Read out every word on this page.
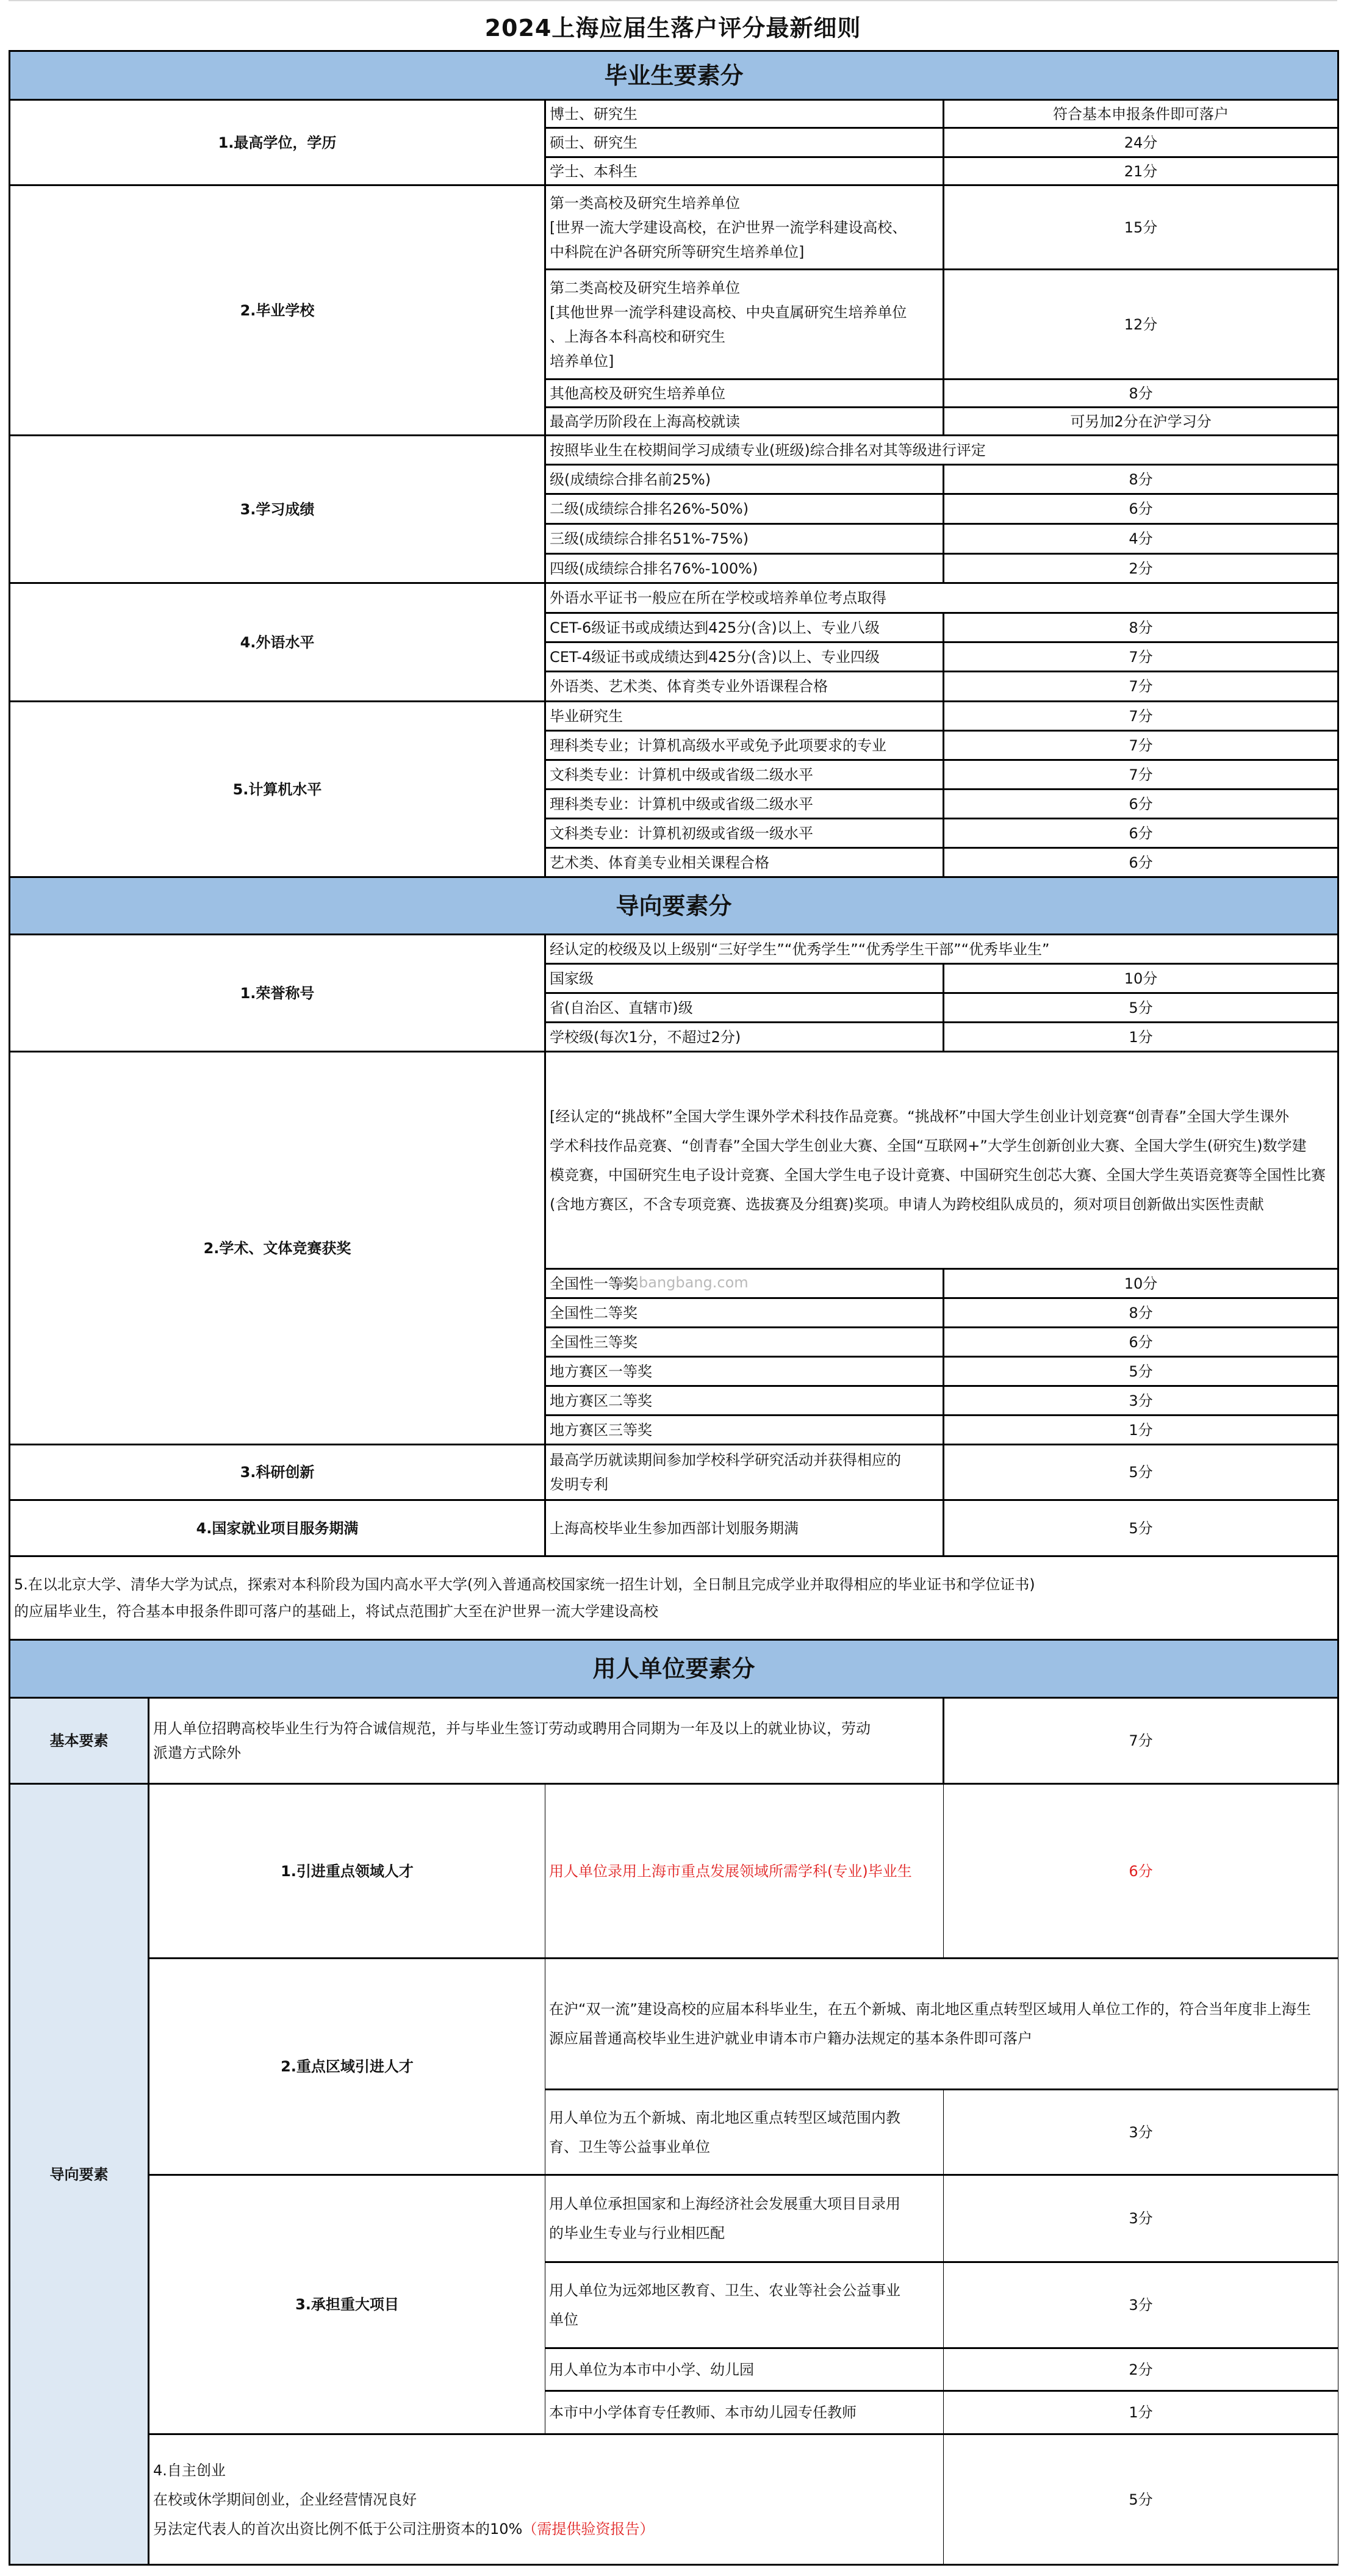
2024上海应届生落户评分最新细则
毕业生要素分			
1.最高学位，学历		博士、研究生	符合基本申报条件即可落户
		硕士、研究生	24分
		学士、本科生	21分
2.毕业学校		第一类高校及研究生培养单位
[世界一流大学建设高校，在沪世界一流学科建设高校、
中科院在沪各研究所等研究生培养单位]	15分
		第二类高校及研究生培养单位
[其他世界一流学科建设高校、中央直属研究生培养单位
、上海各本科高校和研究生
培养单位]	12分
		其他高校及研究生培养单位	8分
		最高学历阶段在上海高校就读	可另加2分在沪学习分
3.学习成绩		按照毕业生在校期间学习成绩专业(班级)综合排名对其等级进行评定	
		级(成绩综合排名前25%)	8分
		二级(成绩综合排名26%-50%)	6分
		三级(成绩综合排名51%-75%)	4分
		四级(成绩综合排名76%-100%)	2分
4.外语水平		外语水平证书一般应在所在学校或培养单位考点取得	
		CET-6级证书或成绩达到425分(含)以上、专业八级	8分
		CET-4级证书或成绩达到425分(含)以上、专业四级	7分
		外语类、艺术类、体育类专业外语课程合格	7分
5.计算机水平		毕业研究生	7分
		理科类专业；计算机高级水平或免予此项要求的专业	7分
		文科类专业：计算机中级或省级二级水平	7分
		理科类专业：计算机中级或省级二级水平	6分
		文科类专业：计算机初级或省级一级水平	6分
		艺术类、体育美专业相关课程合格	6分
导向要素分			
1.荣誉称号		经认定的校级及以上级别“三好学生”“优秀学生”“优秀学生干部”“优秀毕业生”	
		国家级	10分
		省(自治区、直辖市)级	5分
		学校级(每次1分，不超过2分)	1分
2.学术、文体竞赛获奖		[经认定的“挑战杯”全国大学生课外学术科技作品竞赛。“挑战杯”中国大学生创业计划竞赛“创青春”全国大学生课外
学术科技作品竞赛、“创青春”全国大学生创业大赛、全国“互联网+”大学生创新创业大赛、全国大学生(研究生)数学建
模竞赛，中国研究生电子设计竞赛、全国大学生电子设计竟赛、中国研究生创芯大赛、全国大学生英语竞赛等全国性比赛
(含地方赛区，不含专项竞赛、选拔赛及分组赛)奖项。申请人为跨校组队成员的，须对项目创新做出实医性责献	
		全国性一等奖	10分
		全国性二等奖	8分
		全国性三等奖	6分
		地方赛区一等奖	5分
		地方赛区二等奖	3分
		地方赛区三等奖	1分
3.科研创新		最高学历就读期间参加学校科学研究活动并获得相应的
发明专利	5分
4.国家就业项目服务期满		上海高校毕业生参加西部计划服务期满	5分
5.在以北京大学、清华大学为试点，探索对本科阶段为国内高水平大学(列入普通高校国家统一招生计划，全日制且完成学业并取得相应的毕业证书和学位证书)
的应届毕业生，符合基本申报条件即可落户的基础上，将试点范围扩大至在沪世界一流大学建设高校			
用人单位要素分			
基本要素	用人单位招聘高校毕业生行为符合诚信规范，并与毕业生签订劳动或聘用合同期为一年及以上的就业协议，劳动
派遣方式除外		7分
导向要素	1.引进重点领域人才	用人单位录用上海市重点发展领域所需学科(专业)毕业生	6分
	2.重点区域引进人才	在沪“双一流”建设高校的应届本科毕业生，在五个新城、南北地区重点转型区域用人单位工作的，符合当年度非上海生
源应届普通高校毕业生进沪就业申请本市户籍办法规定的基本条件即可落户	
		用人单位为五个新城、南北地区重点转型区域范围内教
育、卫生等公益事业单位	3分
	3.承担重大项目	用人单位承担国家和上海经济社会发展重大项目目录用
的毕业生专业与行业相匹配	3分
		用人单位为远郊地区教育、卫生、农业等社会公益事业
单位	3分
		用人单位为本市中小学、幼儿园	2分
		本市中小学体育专任教师、本市幼儿园专任教师	1分

	4.自主创业
在校或休学期间创业，企业经营情况良好
另法定代表人的首次出资比例不低于公司注册资本的10%（需提供验资报告）		5分
wmbangbang.com
